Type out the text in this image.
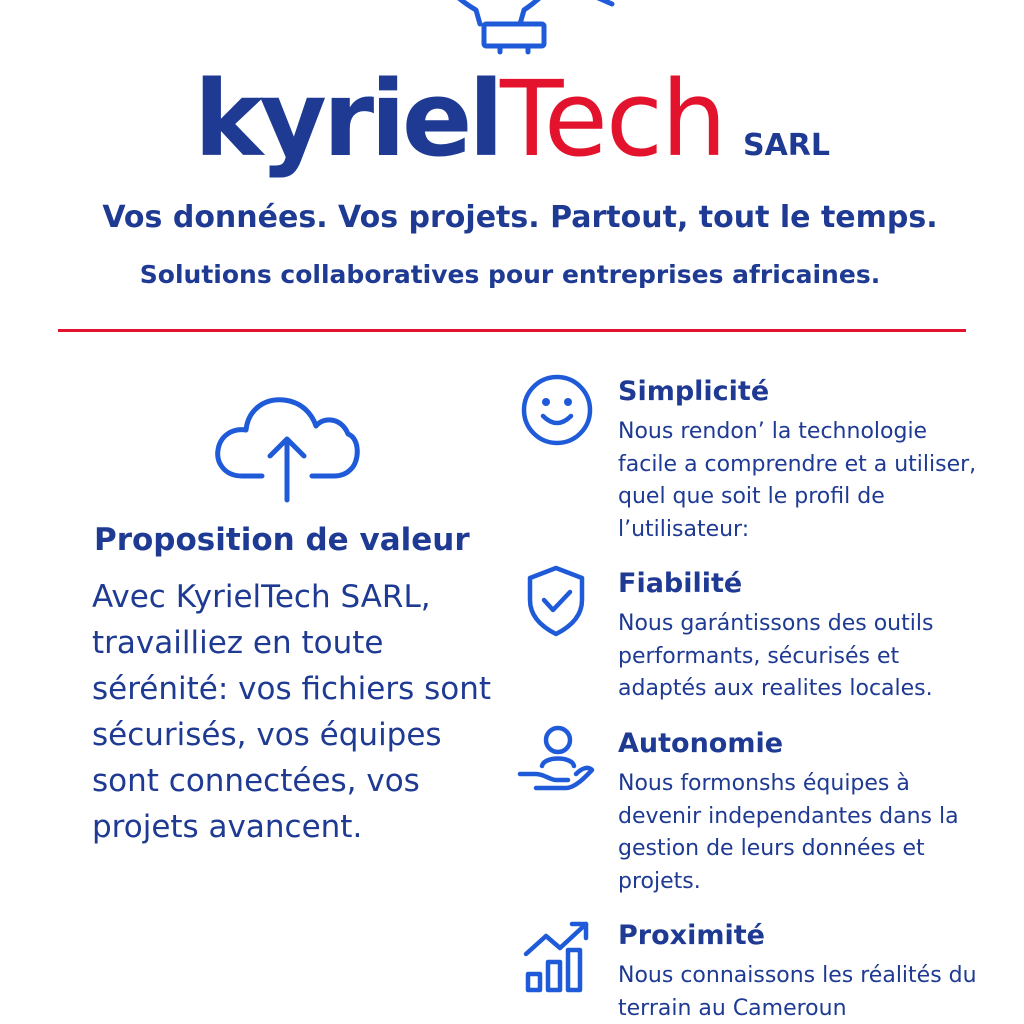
kyrielTech SARL
Vos données. Vos projets. Partout, tout le temps.
Solutions collaboratives pour entreprises africaines.
Proposition de valeur

Avec KyrielTech SARL, travailliez en toute sérénité: vos fichiers sont sécurisés, vos équipes sont connectées, vos projets avancent.

Simplicité

Nous rendon’ la technologie facile a comprendre et a utiliser, quel que soit le profil de l’utilisateur:

Fiabilité

Nous garántissons des outils performants, sécurisés et adaptés aux realites locales.

Autonomie

Nous formonshs équipes à devenir independantes dans la gestion de leurs données et projets.

Proximité

Nous connaissons les réalités du terrain au Cameroun
